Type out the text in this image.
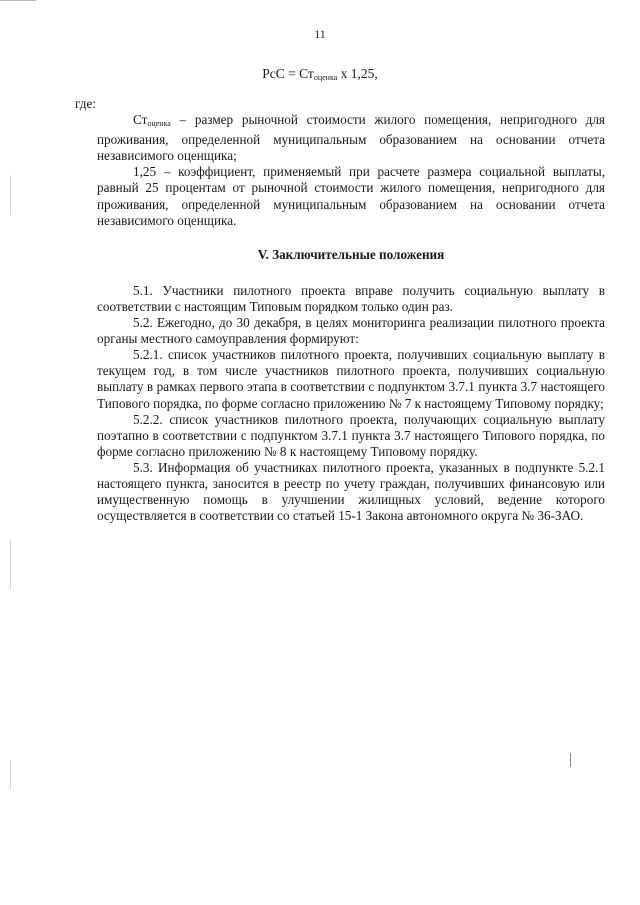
11
РсС = $Ст_{оценка}$ x 1,25,

где:

$Ст_{оценка}$ – размер рыночной стоимости жилого помещения, непригодного для проживания, определенной муниципальным образованием на основании отчета независимого оценщика;

1,25 – коэффициент, применяемый при расчете размера социальной выплаты, равный 25 процентам от рыночной стоимости жилого помещения, непригодного для проживания, определенной муниципальным образованием на основании отчета независимого оценщика.

V. Заключительные положения

5.1. Участники пилотного проекта вправе получить социальную выплату в соответствии с настоящим Типовым порядком только один раз.

5.2. Ежегодно, до 30 декабря, в целях мониторинга реализации пилотного проекта органы местного самоуправления формируют:

5.2.1. список участников пилотного проекта, получивших социальную выплату в текущем год, в том числе участников пилотного проекта, получивших социальную выплату в рамках первого этапа в соответствии с подпунктом 3.7.1 пункта 3.7 настоящего Типового порядка, по форме согласно приложению № 7 к настоящему Типовому порядку;

5.2.2. список участников пилотного проекта, получающих социальную выплату поэтапно в соответствии с подпунктом 3.7.1 пункта 3.7 настоящего Типового порядка, по форме согласно приложению № 8 к настоящему Типовому порядку.

5.3. Информация об участниках пилотного проекта, указанных в подпункте 5.2.1 настоящего пункта, заносится в реестр по учету граждан, получивших финансовую или имущественную помощь в улучшении жилищных условий, ведение которого осуществляется в соответствии со статьей 15-1 Закона автономного округа № 36-ЗАО.
